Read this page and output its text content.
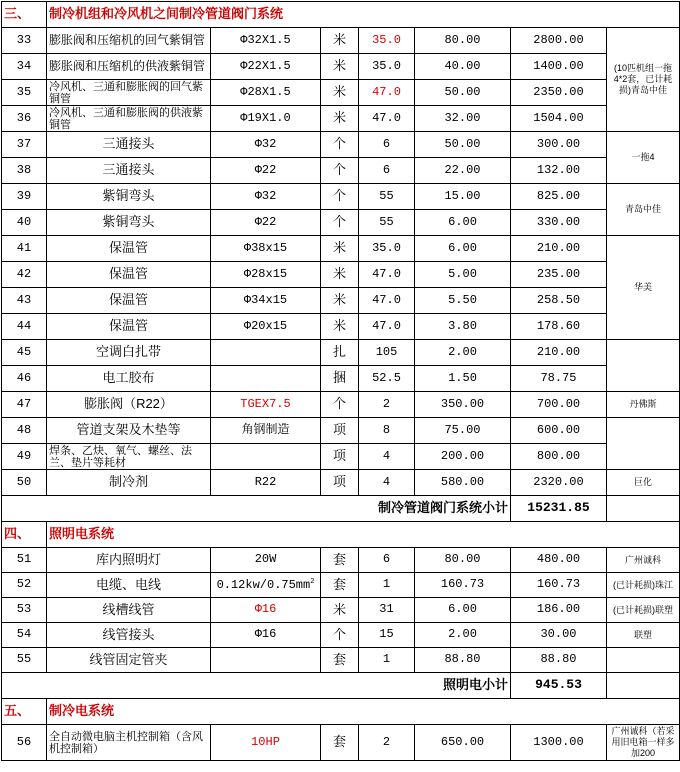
三、	制冷机组和冷风机之间制冷管道阀门系统						
33	膨胀阀和压缩机的回气紫铜管	Φ32X1.5	米	35.0	80.00	2800.00	(10匹机组一拖4*2套，已计耗损)青岛中佳
34	膨胀阀和压缩机的供液紫铜管	Φ22X1.5	米	35.0	40.00	1400.00	
35	冷风机、三通和膨胀阀的回气紫铜管	Φ28X1.5	米	47.0	50.00	2350.00	
36	冷风机、三通和膨胀阀的供液紫铜管	Φ19X1.0	米	47.0	32.00	1504.00	
37	三通接头	Φ32	个	6	50.00	300.00	一拖4
38	三通接头	Φ22	个	6	22.00	132.00	
39	紫铜弯头	Φ32	个	55	15.00	825.00	青岛中佳
40	紫铜弯头	Φ22	个	55	6.00	330.00	
41	保温管	Φ38x15	米	35.0	6.00	210.00	华美
42	保温管	Φ28x15	米	47.0	5.00	235.00	
43	保温管	Φ34x15	米	47.0	5.50	258.50	
44	保温管	Φ20x15	米	47.0	3.80	178.60	
45	空调白扎带		扎	105	2.00	210.00	
46	电工胶布		捆	52.5	1.50	78.75	
47	膨胀阀（R22）	TGEX7.5	个	2	350.00	700.00	丹佛斯
48	管道支架及木垫等	角钢制造	项	8	75.00	600.00	
49	焊条、乙炔、氧气、螺丝、法兰、垫片等耗材		项	4	200.00	800.00	
50	制冷剂	R22	项	4	580.00	2320.00	巨化
制冷管道阀门系统小计						15231.85	
四、	照明电系统						
51	库内照明灯	20W	套	6	80.00	480.00	广州诚科
52	电缆、电线	$0.12kw/0.75mm^2$	套	1	160.73	160.73	(已计耗损)珠江
53	线槽线管	Φ16	米	31	6.00	186.00	(已计耗损)联塑
54	线管接头	Φ16	个	15	2.00	30.00	联塑
55	线管固定管夹		套	1	88.80	88.80	
照明电小计						945.53	
五、	制冷电系统						
56	全自动微电脑主机控制箱（含风机控制箱）	10HP	套	2	650.00	1300.00	广州诚科（若采用旧电箱一样多加200
